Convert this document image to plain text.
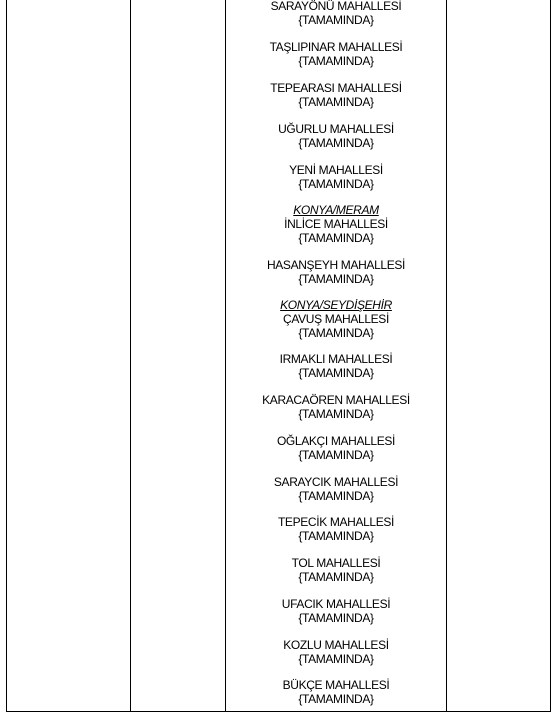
SARAYÖNÜ MAHALLESİ
{TAMAMINDA}
TAŞLIPINAR MAHALLESİ
{TAMAMINDA}
TEPEARASI MAHALLESİ
{TAMAMINDA}
UĞURLU MAHALLESİ
{TAMAMINDA}
YENİ MAHALLESİ
{TAMAMINDA}
KONYA/MERAM
İNLİCE MAHALLESİ
{TAMAMINDA}
HASANŞEYH MAHALLESİ
{TAMAMINDA}
KONYA/SEYDİŞEHİR
ÇAVUŞ MAHALLESİ
{TAMAMINDA}
IRMAKLI MAHALLESİ
{TAMAMINDA}
KARACAÖREN MAHALLESİ
{TAMAMINDA}
OĞLAKÇI MAHALLESİ
{TAMAMINDA}
SARAYCIK MAHALLESİ
{TAMAMINDA}
TEPECİK MAHALLESİ
{TAMAMINDA}
TOL MAHALLESİ
{TAMAMINDA}
UFACIK MAHALLESİ
{TAMAMINDA}
KOZLU MAHALLESİ
{TAMAMINDA}
BÜKÇE MAHALLESİ
{TAMAMINDA}
